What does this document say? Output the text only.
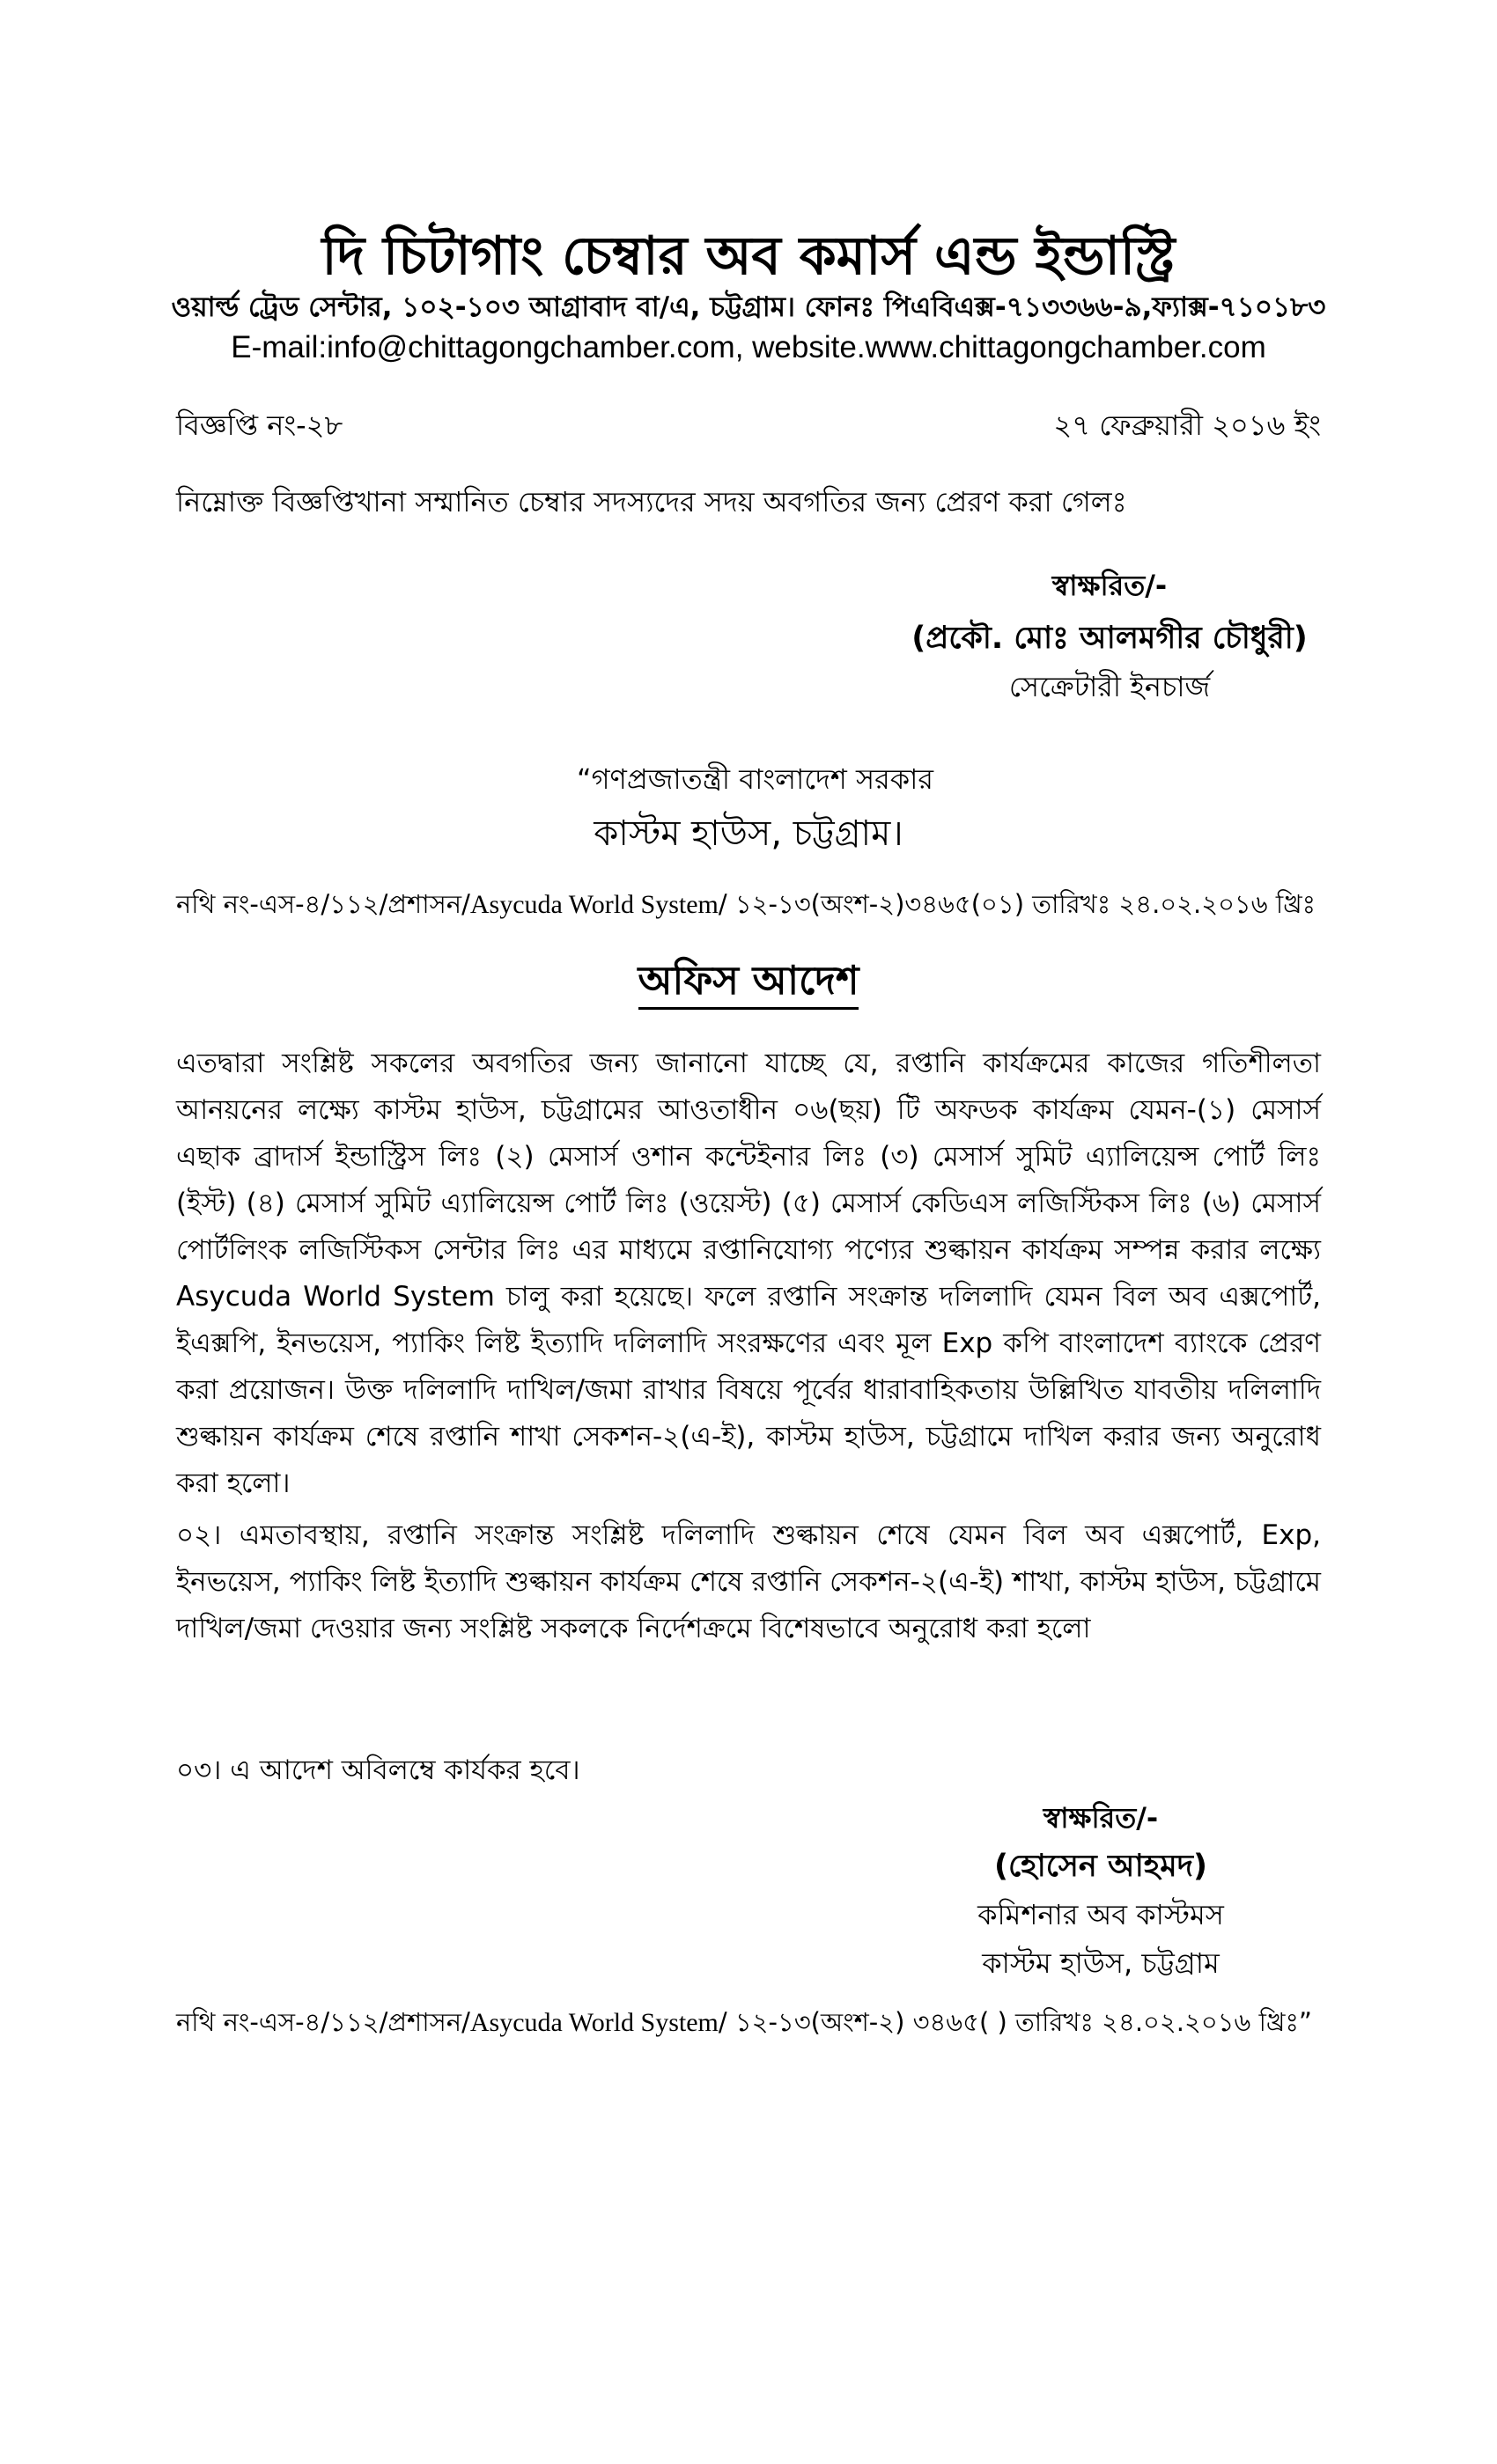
দি চিটাগাং চেম্বার অব কমার্স এন্ড ইন্ডাস্ট্রি
ওয়ার্ল্ড ট্রেড সেন্টার, ১০২-১০৩ আগ্রাবাদ বা/এ, চট্টগ্রাম। ফোনঃ পিএবিএক্স-৭১৩৩৬৬-৯,ফ্যাক্স-৭১০১৮৩
E-mail:info@chittagongchamber.com, website.www.chittagongchamber.com
বিজ্ঞপ্তি নং-২৮	২৭ ফেব্রুয়ারী ২০১৬ ইং
নিম্নোক্ত বিজ্ঞপ্তিখানা সম্মানিত চেম্বার সদস্যদের সদয় অবগতির জন্য প্রেরণ করা গেলঃ
স্বাক্ষরিত/-
(প্রকৌ. মোঃ আলমগীর চৌধুরী)
সেক্রেটারী ইনচার্জ
“গণপ্রজাতন্ত্রী বাংলাদেশ সরকার
কাস্টম হাউস, চট্টগ্রাম।
নথি নং-এস-৪/১১২/প্রশাসন/Asycuda World System/ ১২-১৩(অংশ-২)৩৪৬৫(০১) তারিখঃ ২৪.০২.২০১৬ খ্রিঃ
অফিস আদেশ
এতদ্বারা সংশ্লিষ্ট সকলের অবগতির জন্য জানানো যাচ্ছে যে, রপ্তানি কার্যক্রমের কাজের গতিশীলতা আনয়নের লক্ষ্যে কাস্টম হাউস, চট্টগ্রামের আওতাধীন ০৬(ছয়) টি অফডক কার্যক্রম যেমন-(১) মেসার্স এছাক ব্রাদার্স ইন্ডাস্ট্রিস লিঃ (২) মেসার্স ওশান কন্টেইনার লিঃ (৩) মেসার্স সুমিট এ্যালিয়েন্স পোর্ট লিঃ (ইস্ট) (৪) মেসার্স সুমিট এ্যালিয়েন্স পোর্ট লিঃ (ওয়েস্ট) (৫) মেসার্স কেডিএস লজিস্টিকস লিঃ (৬) মেসার্স পোর্টলিংক লজিস্টিকস সেন্টার লিঃ এর মাধ্যমে রপ্তানিযোগ্য পণ্যের শুল্কায়ন কার্যক্রম সম্পন্ন করার লক্ষ্যে Asycuda World System চালু করা হয়েছে। ফলে রপ্তানি সংক্রান্ত দলিলাদি যেমন বিল অব এক্সপোর্ট, ইএক্সপি, ইনভয়েস, প্যাকিং লিষ্ট ইত্যাদি দলিলাদি সংরক্ষণের এবং মূল Exp কপি বাংলাদেশ ব্যাংকে প্রেরণ করা প্রয়োজন। উক্ত দলিলাদি দাখিল/জমা রাখার বিষয়ে পূর্বের ধারাবাহিকতায় উল্লিখিত যাবতীয় দলিলাদি শুল্কায়ন কার্যক্রম শেষে রপ্তানি শাখা সেকশন-২(এ-ই), কাস্টম হাউস, চট্টগ্রামে দাখিল করার জন্য অনুরোধ করা হলো।
০২। এমতাবস্থায়, রপ্তানি সংক্রান্ত সংশ্লিষ্ট দলিলাদি শুল্কায়ন শেষে যেমন বিল অব এক্সপোর্ট, Exp, ইনভয়েস, প্যাকিং লিষ্ট ইত্যাদি শুল্কায়ন কার্যক্রম শেষে রপ্তানি সেকশন-২(এ-ই) শাখা, কাস্টম হাউস, চট্টগ্রামে দাখিল/জমা দেওয়ার জন্য সংশ্লিষ্ট সকলকে নির্দেশক্রমে বিশেষভাবে অনুরোধ করা হলো
০৩। এ আদেশ অবিলম্বে কার্যকর হবে।
স্বাক্ষরিত/-
(হোসেন আহমদ)
কমিশনার অব কাস্টমস
কাস্টম হাউস, চট্টগ্রাম
নথি নং-এস-৪/১১২/প্রশাসন/Asycuda World System/ ১২-১৩(অংশ-২) ৩৪৬৫( ) তারিখঃ ২৪.০২.২০১৬ খ্রিঃ”
